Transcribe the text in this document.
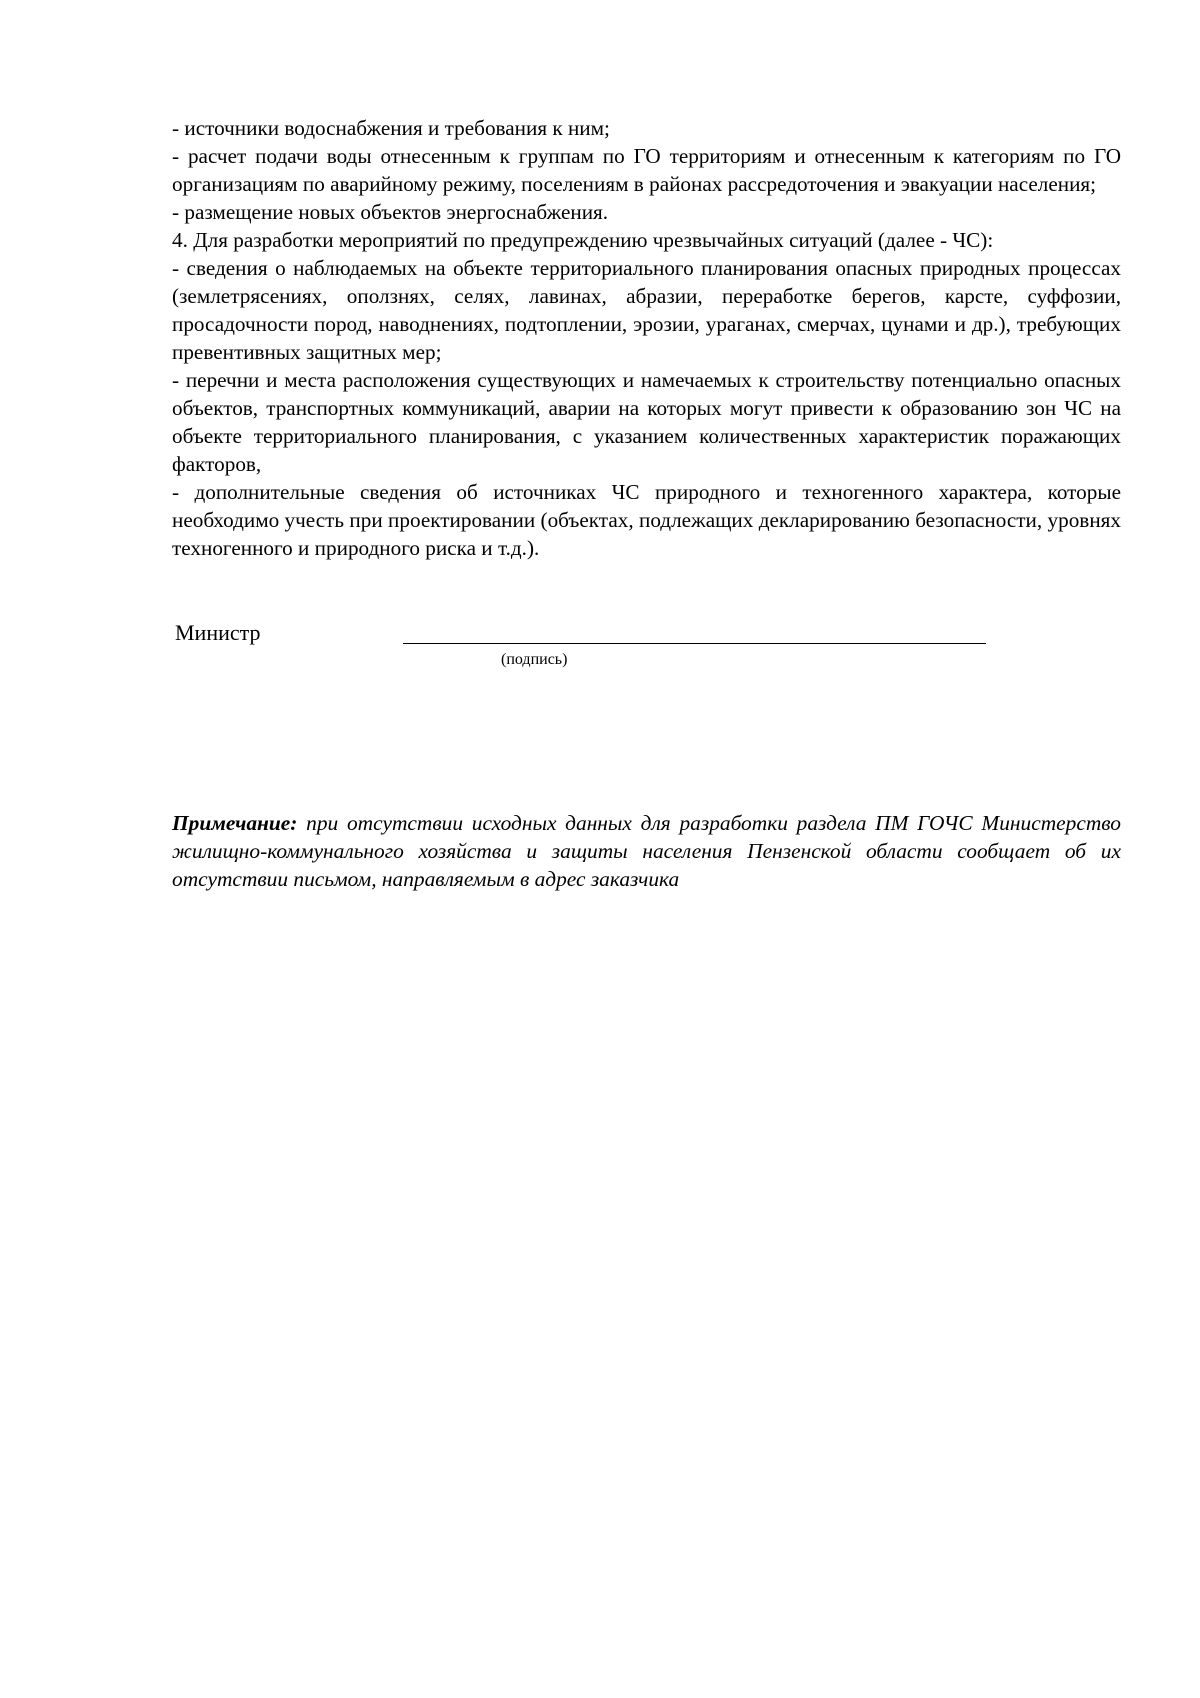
- источники водоснабжения и требования к ним;

- расчет подачи воды отнесенным к группам по ГО территориям и отнесенным к категориям по ГО организациям по аварийному режиму, поселениям в районах рассредоточения и эвакуации населения;

- размещение новых объектов энергоснабжения.

4. Для разработки мероприятий по предупреждению чрезвычайных ситуаций (далее - ЧС):

- сведения о наблюдаемых на объекте территориального планирования опасных природных процессах (землетрясениях, оползнях, селях, лавинах, абразии, переработке берегов, карсте, суффозии, просадочности пород, наводнениях, подтоплении, эрозии, ураганах, смерчах, цунами и др.), требующих превентивных защитных мер;

- перечни и места расположения существующих и намечаемых к строительству потенциально опасных объектов, транспортных коммуникаций, аварии на которых могут привести к образованию зон ЧС на объекте территориального планирования, с указанием количественных характеристик поражающих факторов,

- дополнительные сведения об источниках ЧС природного и техногенного характера, которые необходимо учесть при проектировании (объектах, подлежащих декларированию безопасности, уровнях техногенного и природного риска и т.д.).

Министр
(подпись)

Примечание: при отсутствии исходных данных для разработки раздела ПМ ГОЧС Министерство жилищно-коммунального хозяйства и защиты населения Пензенской области сообщает об их отсутствии письмом, направляемым в адрес заказчика
